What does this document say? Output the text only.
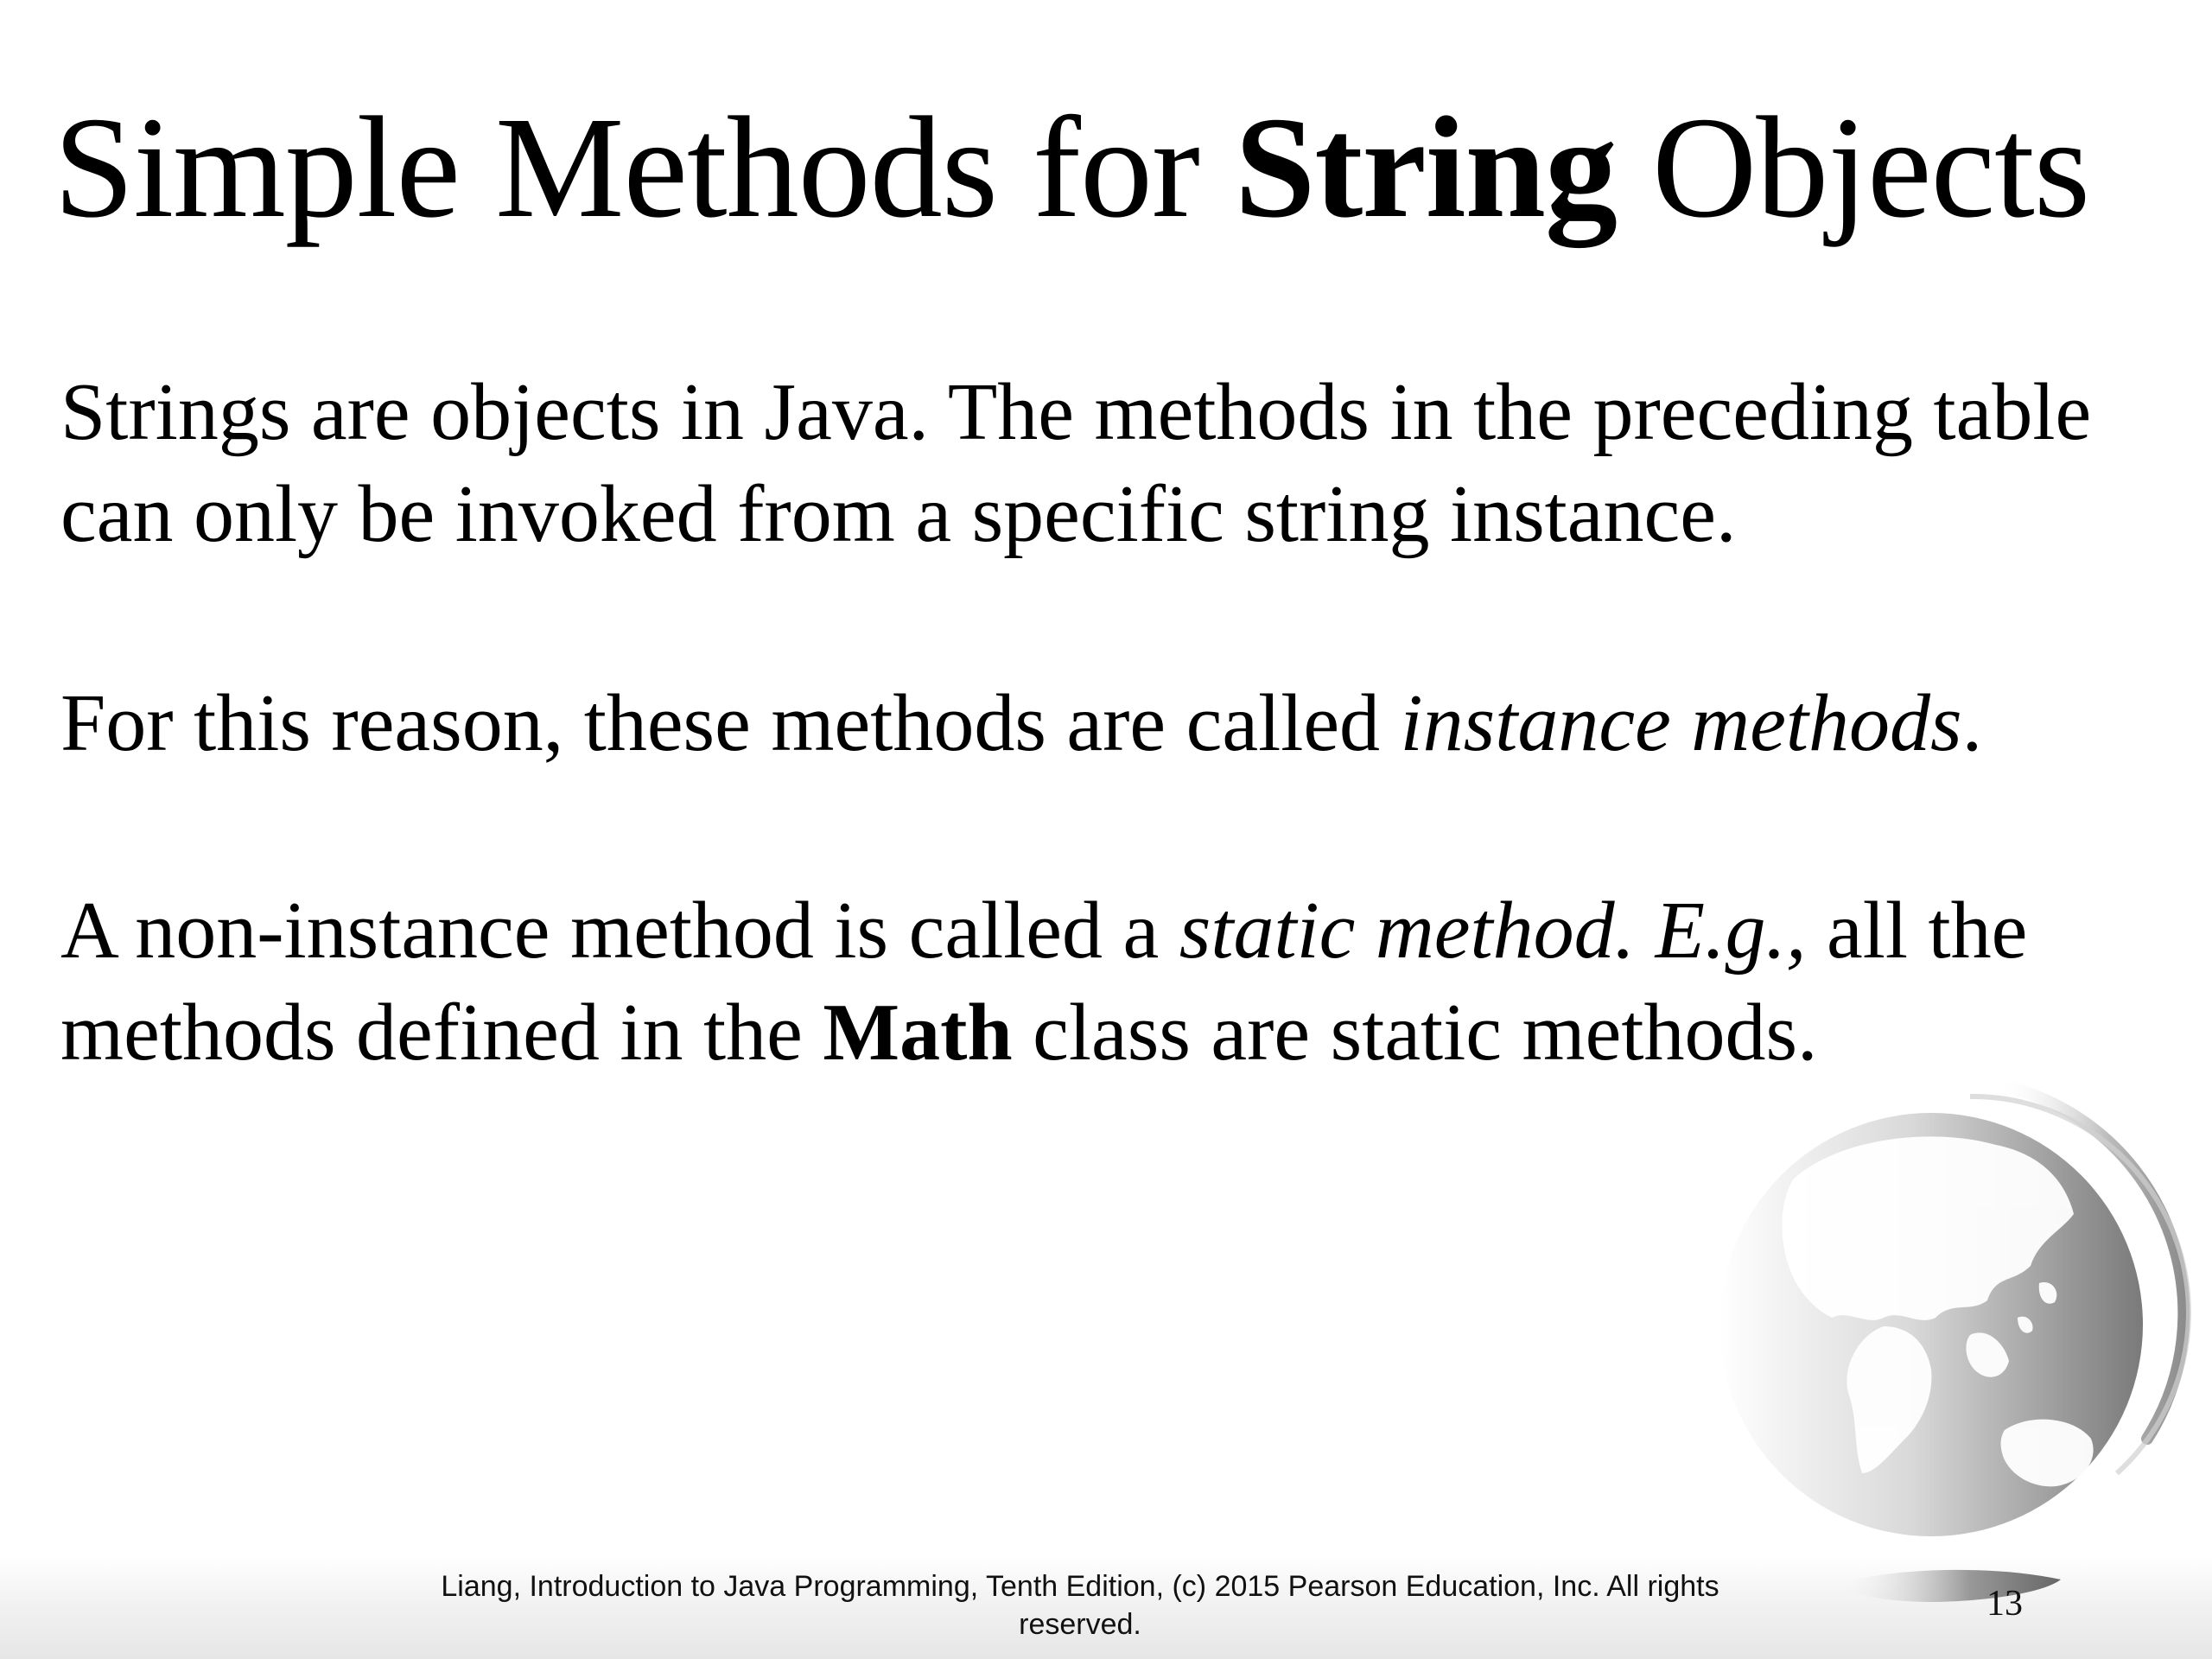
Simple Methods for String Objects

Strings are objects in Java. The methods in the preceding table can only be invoked from a specific string instance.

For this reason, these methods are called instance methods.

A non-instance method is called a static method. E.g., all the methods defined in the Math class are static methods.

Liang, Introduction to Java Programming, Tenth Edition, (c) 2015 Pearson Education, Inc. All rights reserved.
13
